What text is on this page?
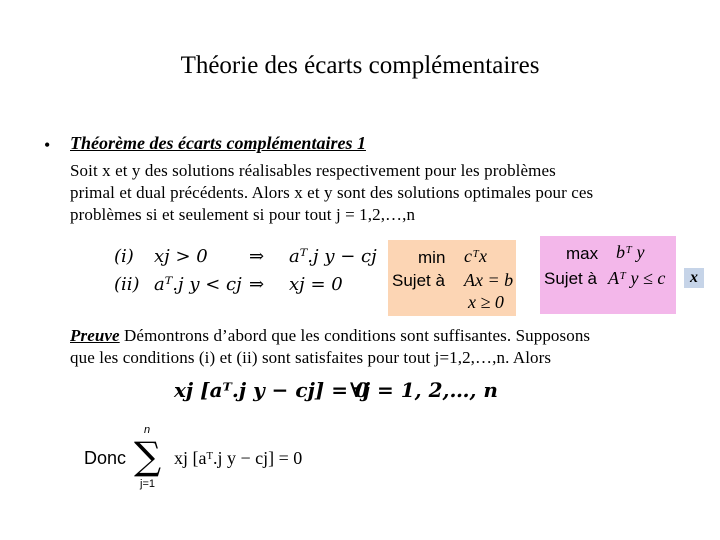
Théorie des écarts complémentaires
• Théorème des écarts complémentaires 1
Soit x et y des solutions réalisables respectivement pour les problèmes
primal et dual précédents. Alors x et y sont des solutions optimales pour ces
problèmes si et seulement si pour tout j = 1,2,…,n
(i)	xj > 0	⇒	aᵀ.j y − cj
(ii) aᵀ.j y < cj ⇒	xj = 0
min cᵀx
Sujet à Ax = b
x ≥ 0
max bᵀ y
Sujet à Aᵀ y ≤ c	x
Preuve Démontrons d’abord que les conditions sont suffisantes. Supposons
que les conditions (i) et (ii) sont satisfaites pour tout j=1,2,…,n. Alors
xj [aᵀ.j y − cj] = 0
∀j = 1, 2,…, n
Donc
n
∑
j=1
xj [aᵀ.j y − cj] = 0
